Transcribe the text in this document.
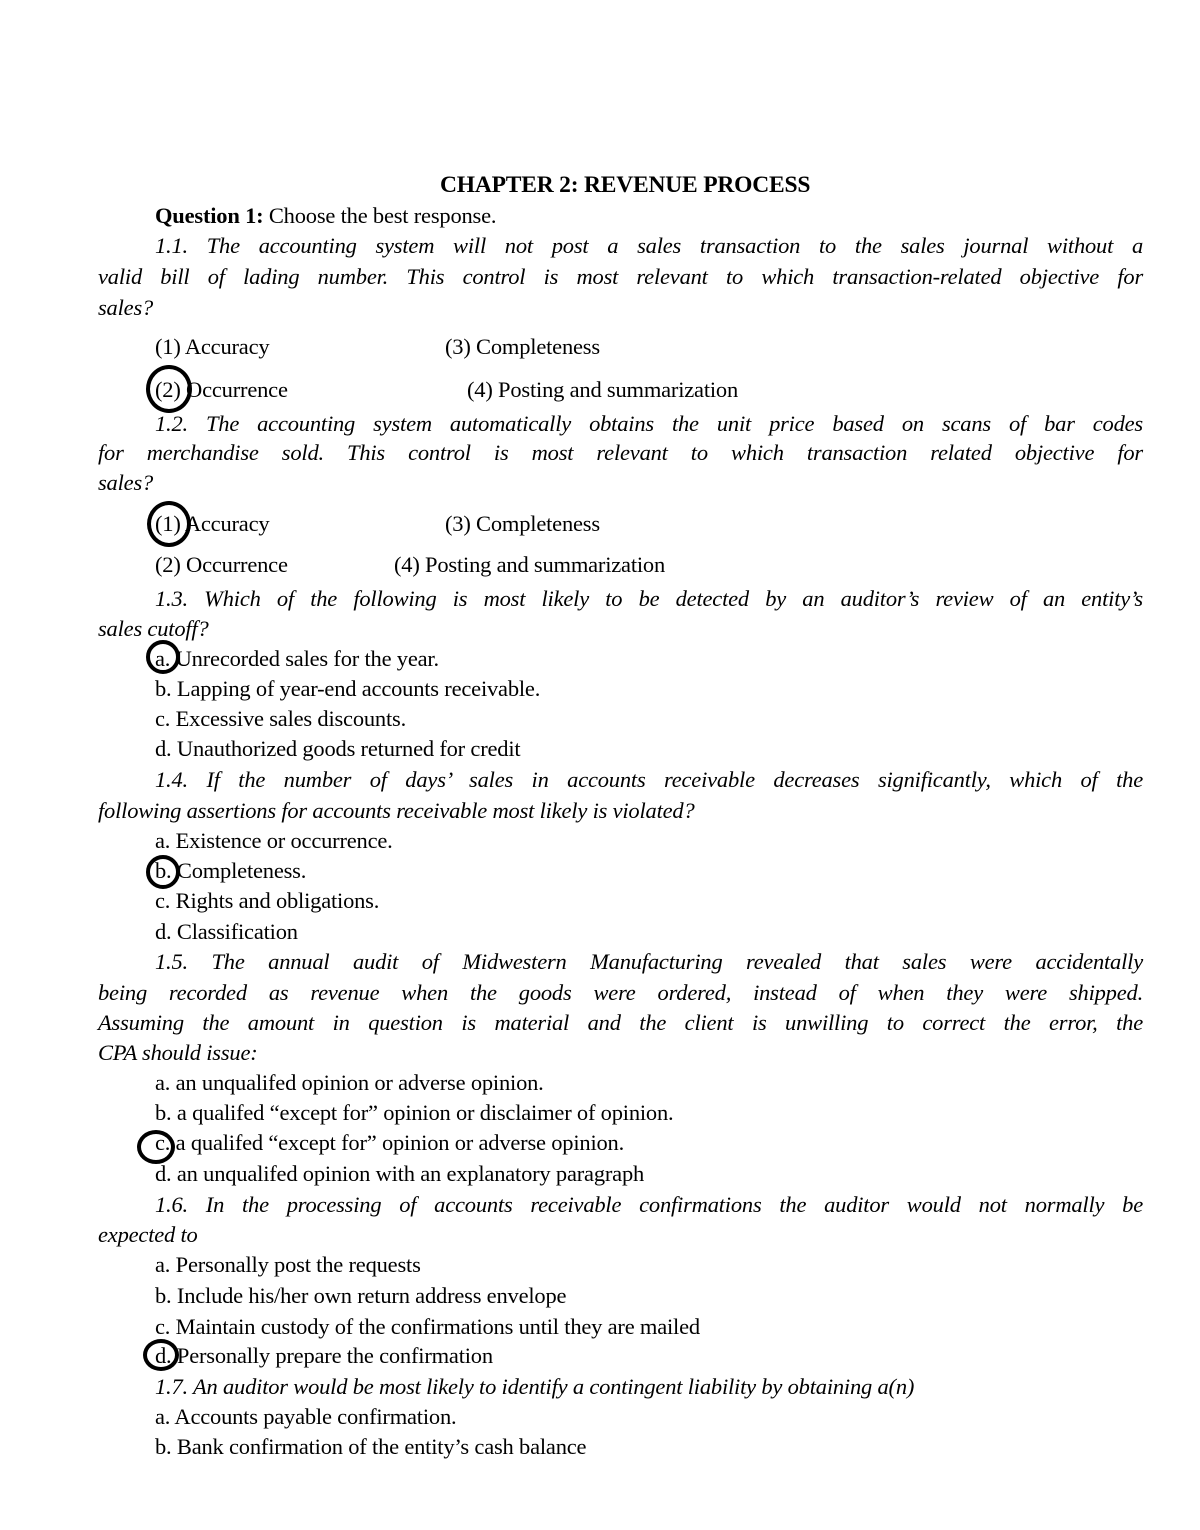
CHAPTER 2: REVENUE PROCESS
Question 1: Choose the best response.
1.1. The accounting system will not post a sales transaction to the sales journal without a
valid bill of lading number. This control is most relevant to which transaction-related objective for
sales?
(1) Accuracy	(3) Completeness
(2) Occurrence	(4) Posting and summarization
1.2. The accounting system automatically obtains the unit price based on scans of bar codes
for merchandise sold. This control is most relevant to which transaction related objective for
sales?
(1) Accuracy	(3) Completeness
(2) Occurrence	(4) Posting and summarization
1.3. Which of the following is most likely to be detected by an auditor’s review of an entity’s
sales cutoff?
a. Unrecorded sales for the year.
b. Lapping of year-end accounts receivable.
c. Excessive sales discounts.
d. Unauthorized goods returned for credit
1.4. If the number of days’ sales in accounts receivable decreases significantly, which of the
following assertions for accounts receivable most likely is violated?
a. Existence or occurrence.
b. Completeness.
c. Rights and obligations.
d. Classification
1.5. The annual audit of Midwestern Manufacturing revealed that sales were accidentally
being recorded as revenue when the goods were ordered, instead of when they were shipped.
Assuming the amount in question is material and the client is unwilling to correct the error, the
CPA should issue:
a. an unqualifed opinion or adverse opinion.
b. a qualifed “except for” opinion or disclaimer of opinion.
c. a qualifed “except for” opinion or adverse opinion.
d. an unqualifed opinion with an explanatory paragraph
1.6. In the processing of accounts receivable confirmations the auditor would not normally be
expected to
a. Personally post the requests
b. Include his/her own return address envelope
c. Maintain custody of the confirmations until they are mailed
d. Personally prepare the confirmation
1.7. An auditor would be most likely to identify a contingent liability by obtaining a(n)
a. Accounts payable confirmation.
b. Bank confirmation of the entity’s cash balance
